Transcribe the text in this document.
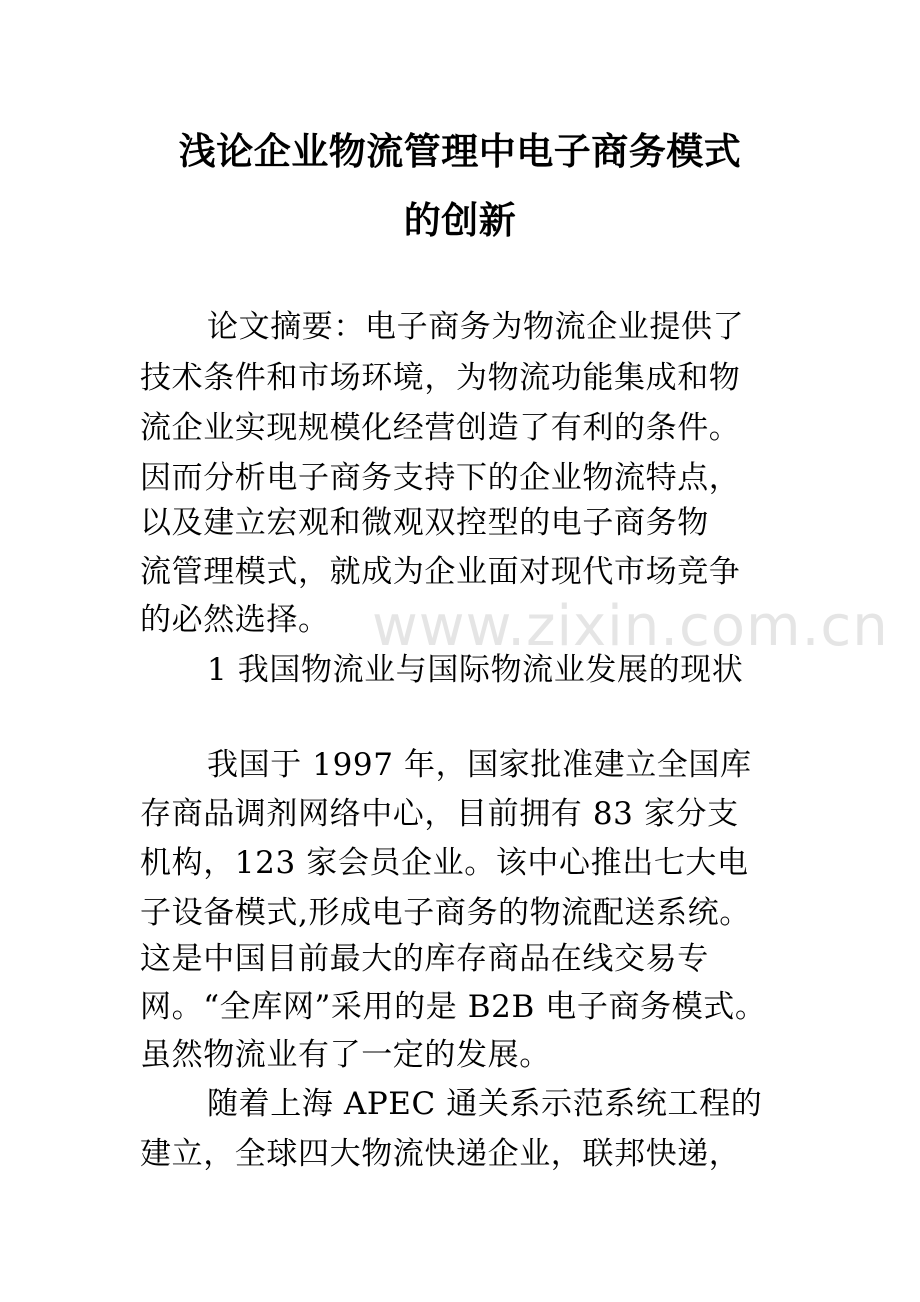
浅论企业物流管理中电子商务模式
的创新
论文摘要：电子商务为物流企业提供了
技术条件和市场环境，为物流功能集成和物
流企业实现规模化经营创造了有利的条件。
因而分析电子商务支持下的企业物流特点，
以及建立宏观和微观双控型的电子商务物
流管理模式，就成为企业面对现代市场竞争
的必然选择。
1 我国物流业与国际物流业发展的现状
我国于 1997 年，国家批准建立全国库
存商品调剂网络中心，目前拥有 83 家分支
机构，123 家会员企业。该中心推出七大电
子设备模式,形成电子商务的物流配送系统。
这是中国目前最大的库存商品在线交易专
网。“全库网”采用的是 B2B 电子商务模式。
虽然物流业有了一定的发展。
随着上海 APEC 通关系示范系统工程的
建立，全球四大物流快递企业，联邦快递，
www.zixin.com.cn
